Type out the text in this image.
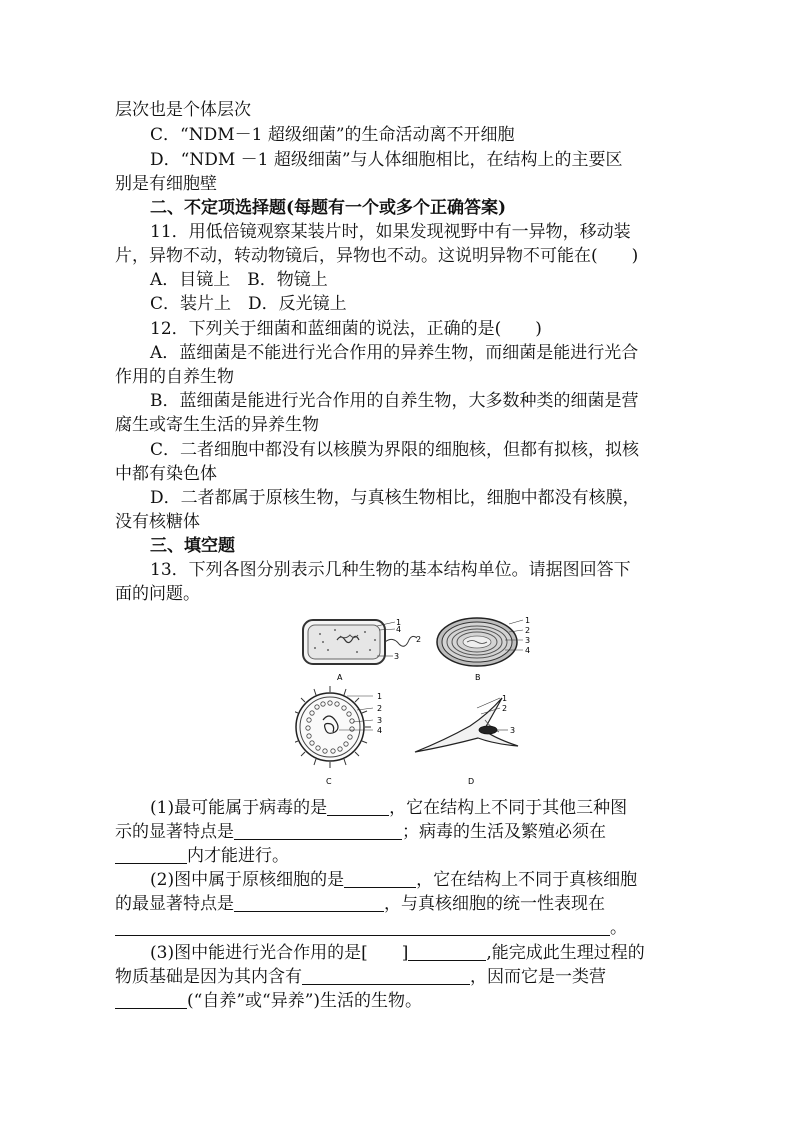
层次也是个体层次
C．“NDM－1 超级细菌”的生命活动离不开细胞
D．“NDM －1 超级细菌”与人体细胞相比，在结构上的主要区
别是有细胞壁
二、不定项选择题(每题有一个或多个正确答案)
11．用低倍镜观察某装片时，如果发现视野中有一异物，移动装
片，异物不动，转动物镜后，异物也不动。这说明异物不可能在(　　)
A．目镜上　B．物镜上
C．装片上　D．反光镜上
12．下列关于细菌和蓝细菌的说法，正确的是(　　)
A．蓝细菌是不能进行光合作用的异养生物，而细菌是能进行光合
作用的自养生物
B．蓝细菌是能进行光合作用的自养生物，大多数种类的细菌是营
腐生或寄生生活的异养生物
C．二者细胞中都没有以核膜为界限的细胞核，但都有拟核，拟核
中都有染色体
D．二者都属于原核生物，与真核生物相比，细胞中都没有核膜，
没有核糖体
三、填空题
13．下列各图分别表示几种生物的基本结构单位。请据图回答下
面的问题。
1
4
2
3
A
1
2
3
4
B
1
2
3
4
C
1
2
3
D
(1)最可能属于病毒的是	，它在结构上不同于其他三种图
示的显著特点是	；病毒的生活及繁殖必须在
内才能进行。
(2)图中属于原核细胞的是	，它在结构上不同于真核细胞
的最显著特点是	，与真核细胞的统一性表现在
。
(3)图中能进行光合作用的是[　　]	,能完成此生理过程的
物质基础是因为其内含有	，因而它是一类营
(“自养”或“异养”)生活的生物。
